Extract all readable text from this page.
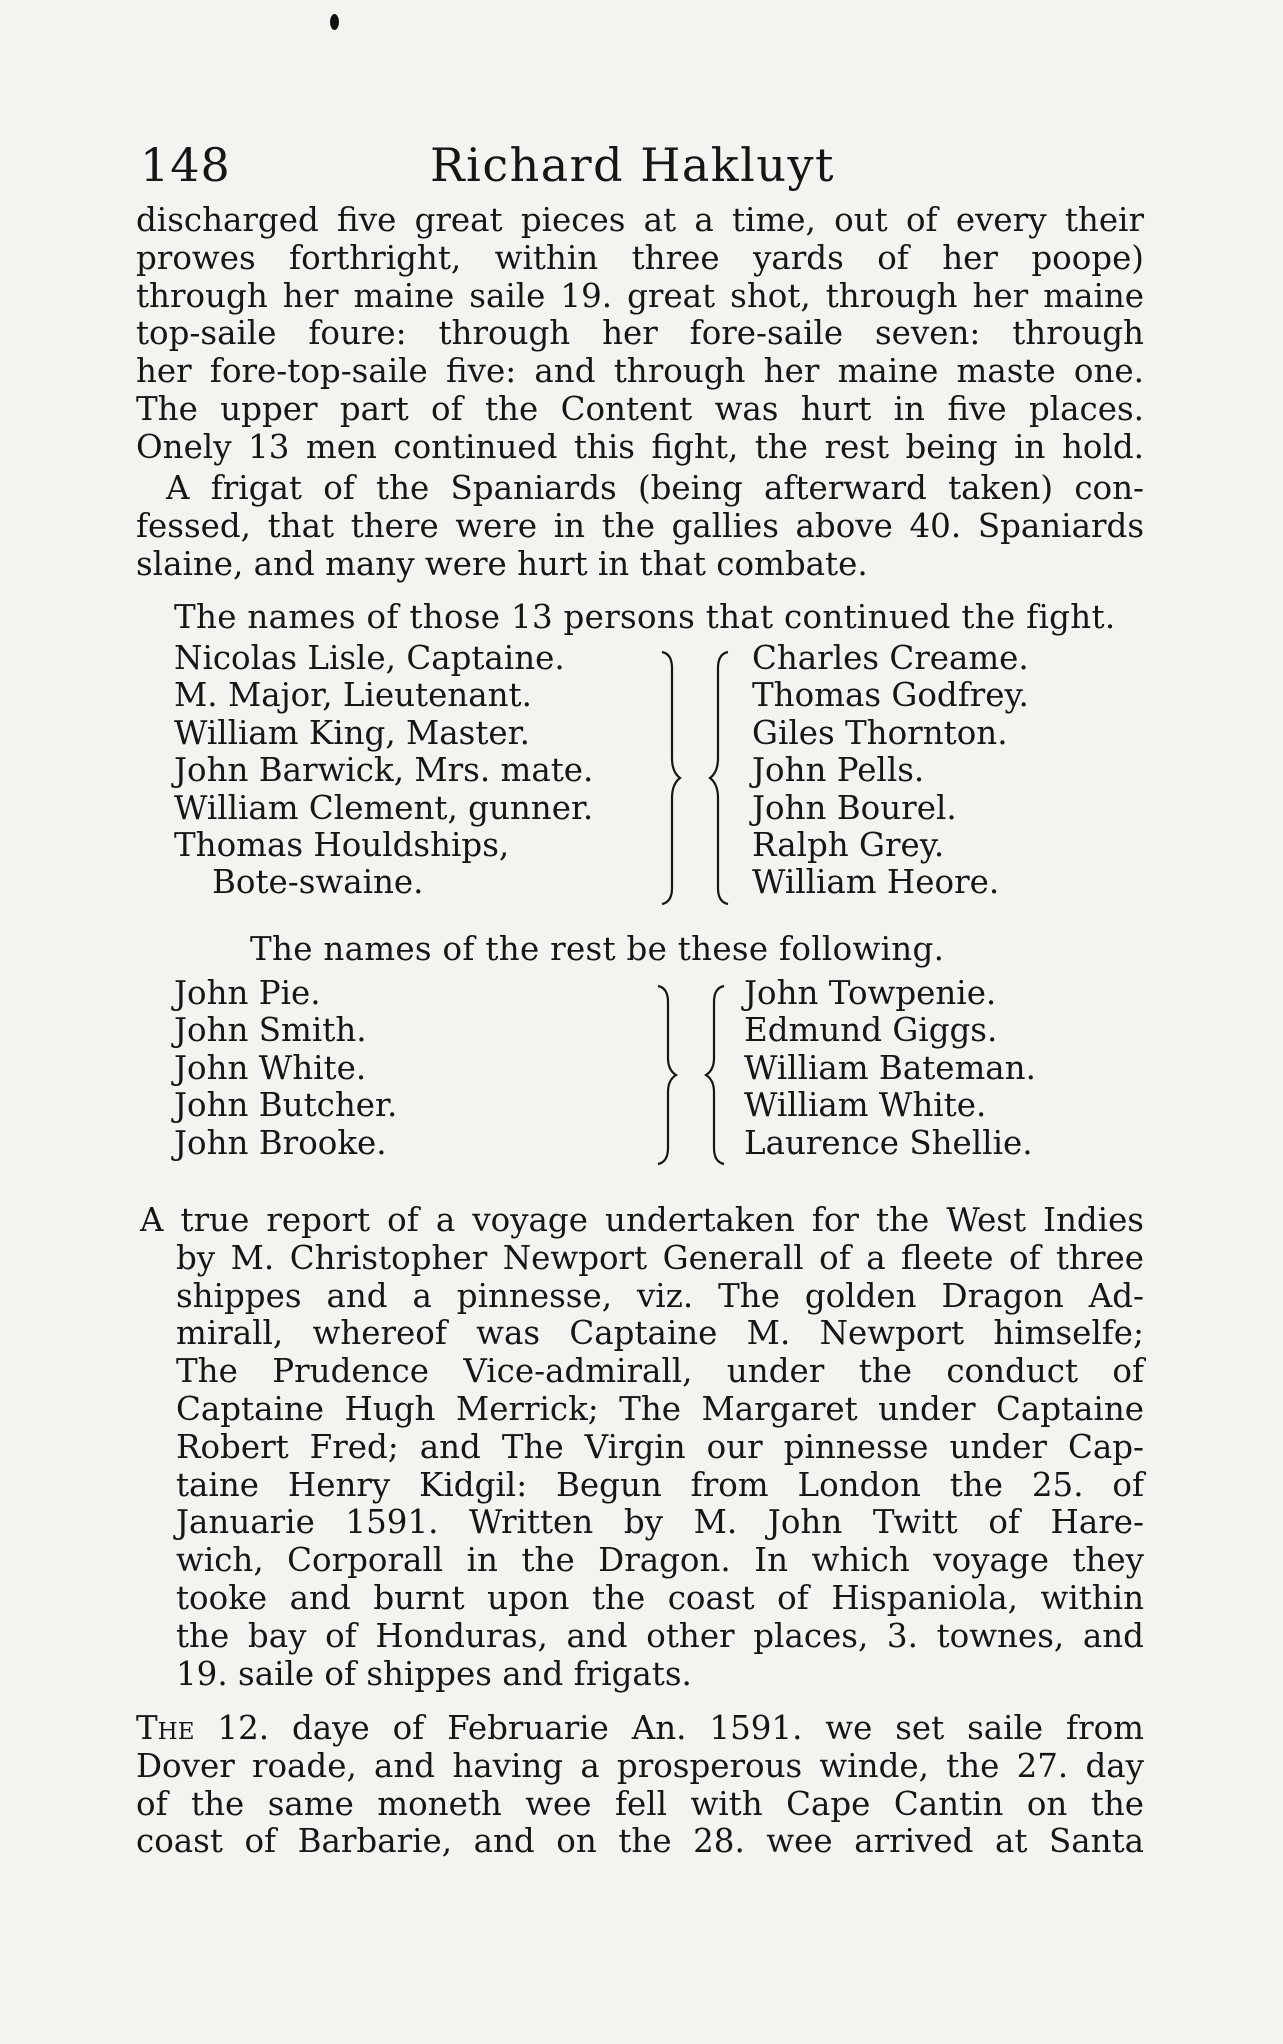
148	Richard Hakluyt

discharged five great pieces at a time, out of every their
prowes forthright, within three yards of her poope)
through her maine saile 19. great shot, through her maine
top-saile foure: through her fore-saile seven: through
her fore-top-saile five: and through her maine maste one.
The upper part of the Content was hurt in five places.
Onely 13 men continued this fight, the rest being in hold.

A frigat of the Spaniards (being afterward taken) con-
fessed, that there were in the gallies above 40. Spaniards
slaine, and many were hurt in that combate.

The names of those 13 persons that continued the fight.
Nicolas Lisle, Captaine.
M. Major, Lieutenant.
William King, Master.
John Barwick, Mrs. mate.
William Clement, gunner.
Thomas Houldships,
Bote-swaine.
Charles Creame.
Thomas Godfrey.
Giles Thornton.
John Pells.
John Bourel.
Ralph Grey.
William Heore.
The names of the rest be these following.
John Pie.
John Smith.
John White.
John Butcher.
John Brooke.
John Towpenie.
Edmund Giggs.
William Bateman.
William White.
Laurence Shellie.

A true report of a voyage undertaken for the West Indies
by M. Christopher Newport Generall of a fleete of three
shippes and a pinnesse, viz. The golden Dragon Ad-
mirall, whereof was Captaine M. Newport himselfe;
The Prudence Vice-admirall, under the conduct of
Captaine Hugh Merrick; The Margaret under Captaine
Robert Fred; and The Virgin our pinnesse under Cap-
taine Henry Kidgil: Begun from London the 25. of
Januarie 1591. Written by M. John Twitt of Hare-
wich, Corporall in the Dragon. In which voyage they
tooke and burnt upon the coast of Hispaniola, within
the bay of Honduras, and other places, 3. townes, and
19. saile of shippes and frigats.

The 12. daye of Februarie An. 1591. we set saile from
Dover roade, and having a prosperous winde, the 27. day
of the same moneth wee fell with Cape Cantin on the
coast of Barbarie, and on the 28. wee arrived at Santa
